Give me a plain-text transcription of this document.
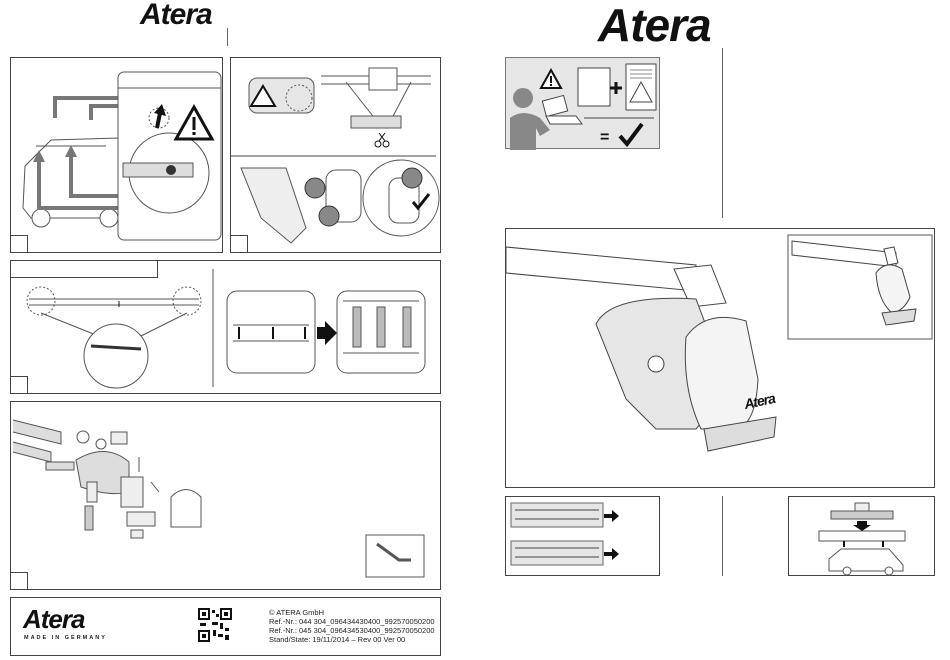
Atera	Atera
Atera
MADE IN GERMANY
© ATERA GmbH
Ref.-Nr.: 044 304_096434430400_992570050200
Ref.-Nr.: 045 304_096434530400_992570050200
Stand/State: 19/11/2014 – Rev 00 Ver 00
=
Atera
